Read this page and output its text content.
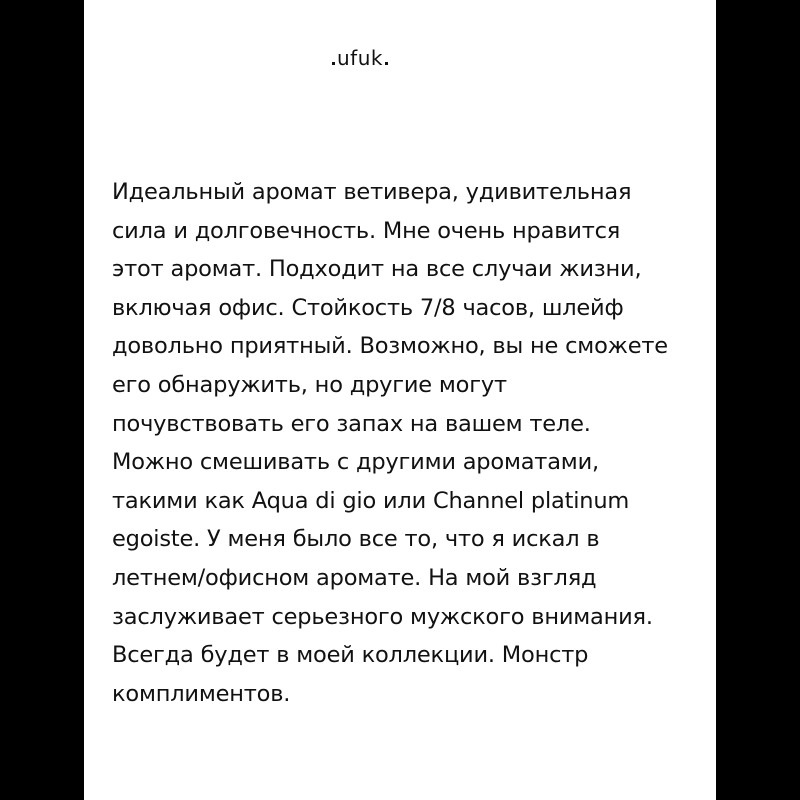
ufuk

Идеальный аромат ветивера, удивительная
сила и долговечность. Мне очень нравится
этот аромат. Подходит на все случаи жизни,
включая офис. Стойкость 7/8 часов, шлейф
довольно приятный. Возможно, вы не сможете
его обнаружить, но другие могут
почувствовать его запах на вашем теле.
Можно смешивать с другими ароматами,
такими как Aqua di gio или Channel platinum
egoiste. У меня было все то, что я искал в
летнем/офисном аромате. На мой взгляд
заслуживает серьезного мужского внимания.
Всегда будет в моей коллекции. Монстр
комплиментов.
